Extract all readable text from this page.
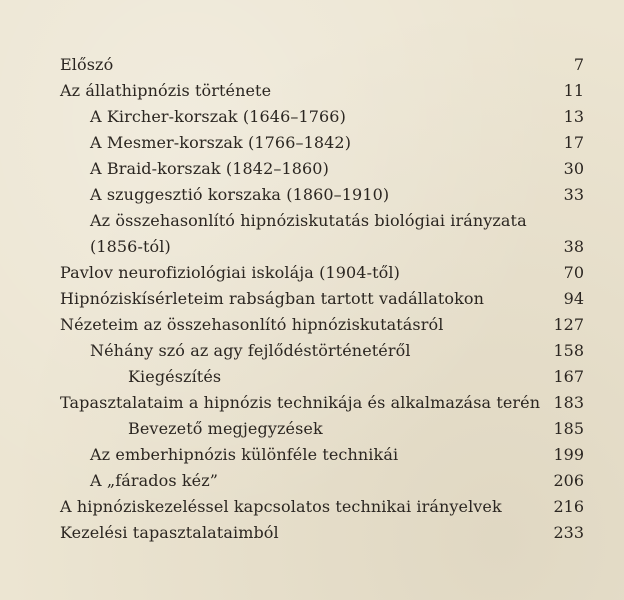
Előszó	7
Az állathipnózis története	11
A Kircher-korszak (1646–1766)	13
A Mesmer-korszak (1766–1842)	17
A Braid-korszak (1842–1860)	30
A szuggesztió korszaka (1860–1910)	33
Az összehasonlító hipnóziskutatás biológiai irányzata
(1856-tól)	38
Pavlov neurofiziológiai iskolája (1904-től)	70
Hipnóziskísérleteim rabságban tartott vadállatokon	94
Nézeteim az összehasonlító hipnóziskutatásról	127
Néhány szó az agy fejlődéstörténetéről	158
Kiegészítés	167
Tapasztalataim a hipnózis technikája és alkalmazása terén 183
Bevezető megjegyzések	185
Az emberhipnózis különféle technikái	199
A „fárados kéz”	206
A hipnóziskezeléssel kapcsolatos technikai irányelvek	216
Kezelési tapasztalataimból	233
